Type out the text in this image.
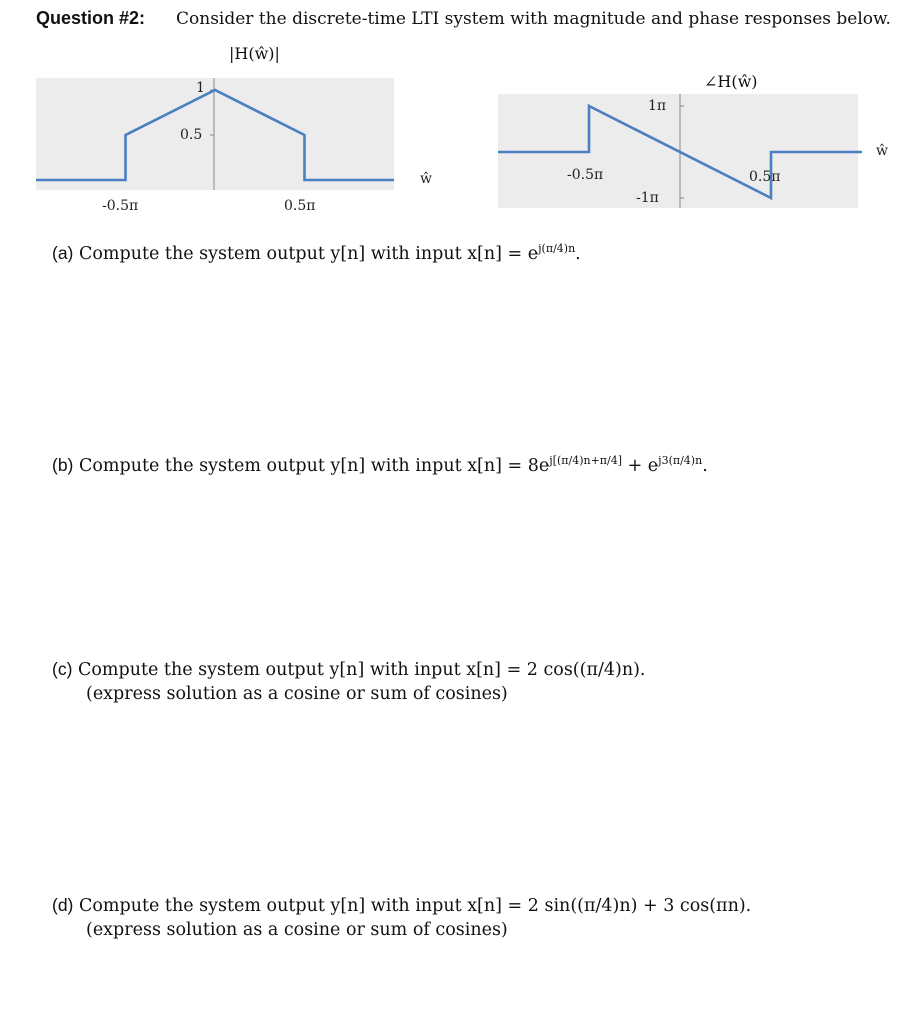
Question #2: Consider the discrete-time LTI system with magnitude and phase responses below.
|H(ŵ)|
1
0.5
-0.5π	0.5π
ŵ
∠H(ŵ)
1π
-1π
-0.5π	0.5π
ŵ
(a) Compute the system output y[n] with input $x[n] = e^{j(\pi/4)n}$.
(b) Compute the system output y[n] with input $x[n] = 8e^{j[(\pi/4)n+\pi/4]} + e^{j3(\pi/4)n}$.
(c) Compute the system output y[n] with input x[n] = 2 cos((π/4)n).
(express solution as a cosine or sum of cosines)
(d) Compute the system output y[n] with input x[n] = 2 sin((π/4)n) + 3 cos(πn).
(express solution as a cosine or sum of cosines)
